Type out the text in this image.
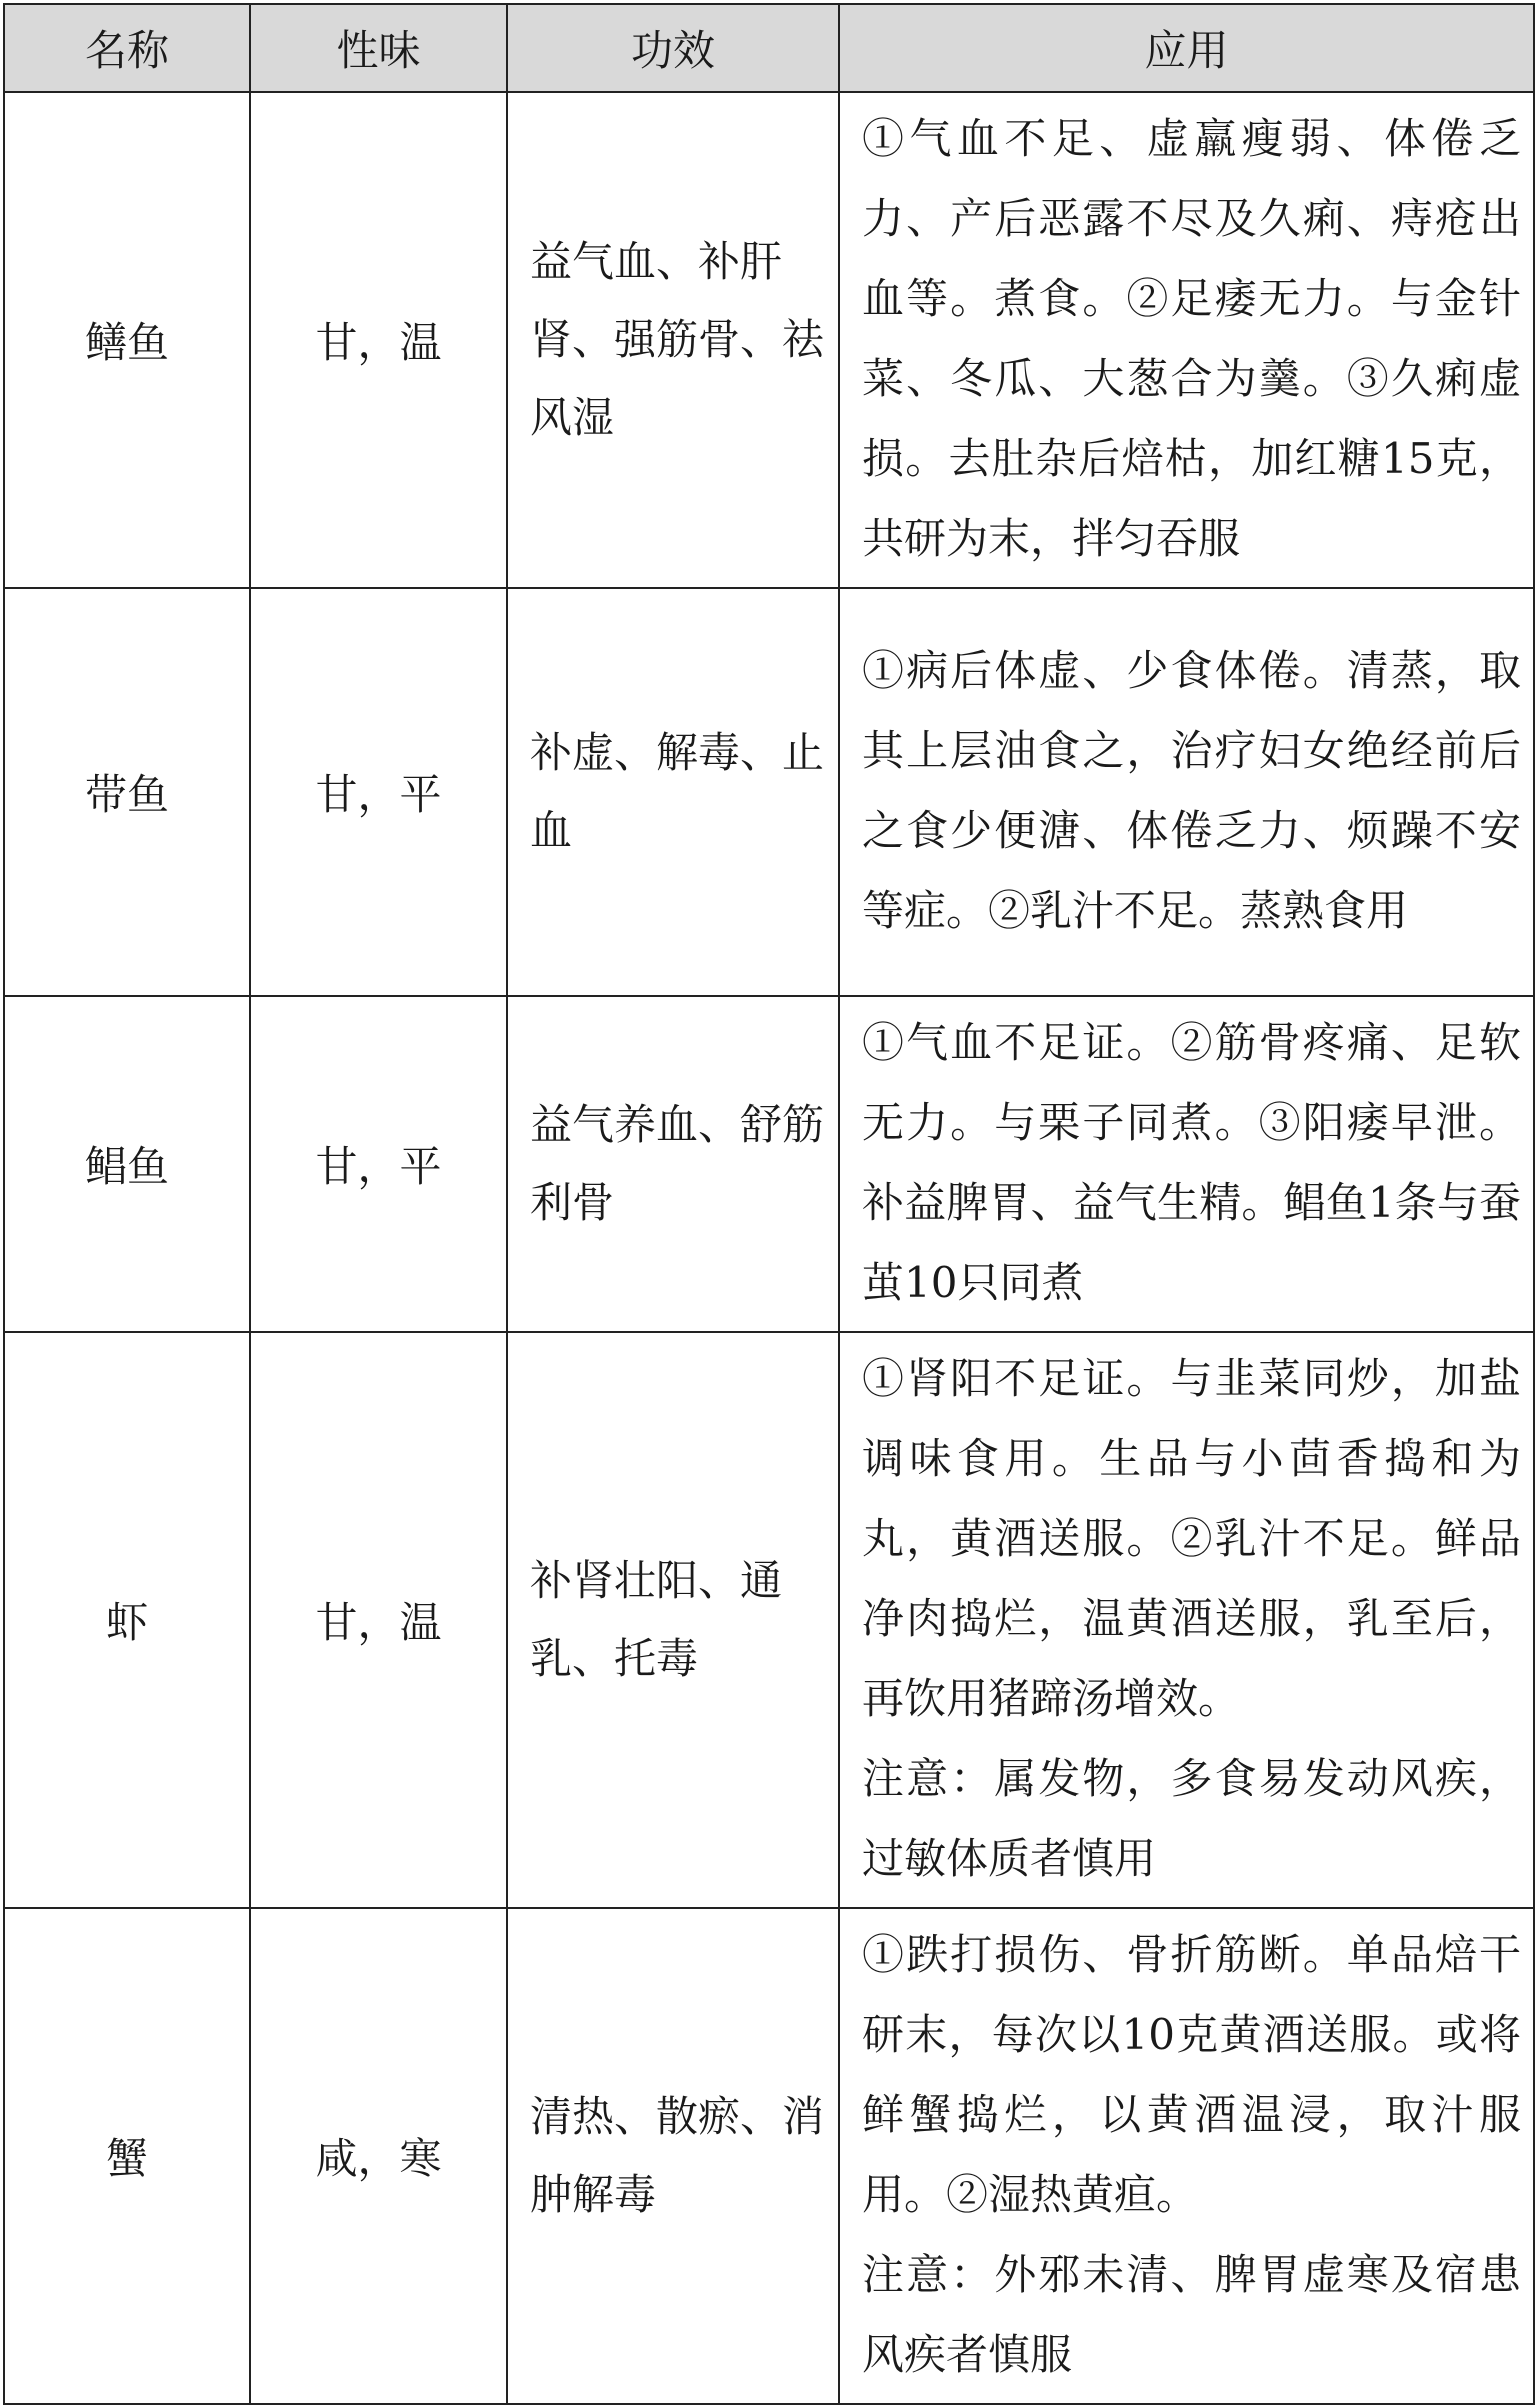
名称	性味	功效	应用
鳝鱼	甘，温	益气血、补肝肾、强筋骨、祛风湿	①气血不足、虚羸瘦弱、体倦乏力、产后恶露不尽及久痢、痔疮出血等。煮食。②足痿无力。与金针菜、冬瓜、大葱合为羹。③久痢虚损。去肚杂后焙枯，加红糖15克，共研为末，拌匀吞服

带鱼	甘，平	补虚、解毒、止血	①病后体虚、少食体倦。清蒸，取其上层油食之，治疗妇女绝经前后之食少便溏、体倦乏力、烦躁不安等症。②乳汁不足。蒸熟食用

鲳鱼	甘，平	益气养血、舒筋利骨	①气血不足证。②筋骨疼痛、足软无力。与栗子同煮。③阳痿早泄。补益脾胃、益气生精。鲳鱼1条与蚕茧10只同煮

虾	甘，温	补肾壮阳、通乳、托毒	①肾阳不足证。与韭菜同炒，加盐调味食用。生品与小茴香捣和为丸，黄酒送服。②乳汁不足。鲜品净肉捣烂，温黄酒送服，乳至后，再饮用猪蹄汤增效。
注意：属发物，多食易发动风疾，过敏体质者慎用

蟹	咸，寒	清热、散瘀、消肿解毒	①跌打损伤、骨折筋断。单品焙干研末，每次以10克黄酒送服。或将鲜蟹捣烂，以黄酒温浸，取汁服用。②湿热黄疸。
注意：外邪未清、脾胃虚寒及宿患风疾者慎服
